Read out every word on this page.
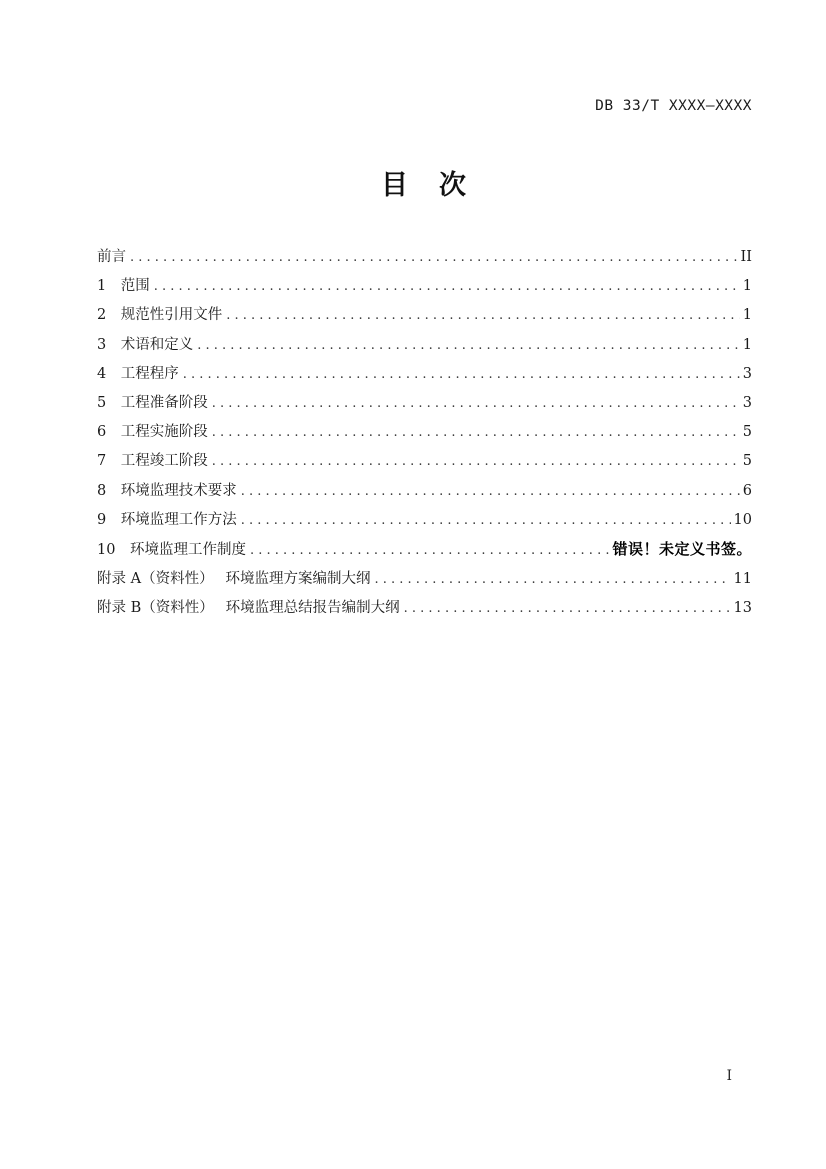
DB 33/T XXXX—XXXX
目　次
前言 . . .	II
1　范围 . . .	1
2　规范性引用文件 . . .	1
3　术语和定义 . . .	1
4　工程程序 . . .	3
5　工程准备阶段 . . .	3
6　工程实施阶段 . . .	5
7　工程竣工阶段 . . .	5
8　环境监理技术要求 . . .	6
9　环境监理工作方法 . . .	10
10　环境监理工作制度 . . .	错误！未定义书签。
附录 A（资料性）　 环境监理方案编制大纲 . . .	11
附录 B（资料性）　 环境监理总结报告编制大纲 . . .	13
I
